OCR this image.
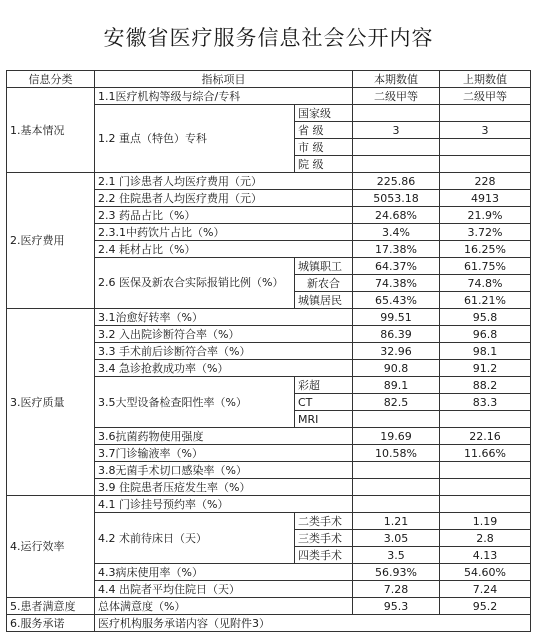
安徽省医疗服务信息社会公开内容
信息分类	指标项目		本期数值	上期数值
1.基本情况	1.1医疗机构等级与综合/专科		二级甲等	二级甲等
	1.2 重点（特色）专科	国家级		
		省 级	3	3
		市 级		
		院 级		
2.医疗费用	2.1 门诊患者人均医疗费用（元）		225.86	228
	2.2 住院患者人均医疗费用（元）		5053.18	4913
	2.3 药品占比（%）		24.68%	21.9%
	2.3.1中药饮片占比（%）		3.4%	3.72%
	2.4 耗材占比（%）		17.38%	16.25%
	2.6 医保及新农合实际报销比例（%）	城镇职工	64.37%	61.75%
		新农合	74.38%	74.8%
		城镇居民	65.43%	61.21%
3.医疗质量	3.1治愈好转率（%）		99.51	95.8
	3.2 入出院诊断符合率（%）		86.39	96.8
	3.3 手术前后诊断符合率（%）		32.96	98.1
	3.4 急诊抢救成功率（%）		90.8	91.2
	3.5大型设备检查阳性率（%）	彩超	89.1	88.2
		CT	82.5	83.3
		MRI		
	3.6抗菌药物使用强度		19.69	22.16
	3.7门诊输液率（%）		10.58%	11.66%
	3.8无菌手术切口感染率（%）			
	3.9 住院患者压疮发生率（%）			
4.运行效率	4.1 门诊挂号预约率（%）			
	4.2 术前待床日（天）	二类手术	1.21	1.19
		三类手术	3.05	2.8
		四类手术	3.5	4.13
	4.3病床使用率（%）		56.93%	54.60%
	4.4 出院者平均住院日（天）		7.28	7.24
5.患者满意度	总体满意度（%）		95.3	95.2
6.服务承诺	医疗机构服务承诺内容（见附件3）			
